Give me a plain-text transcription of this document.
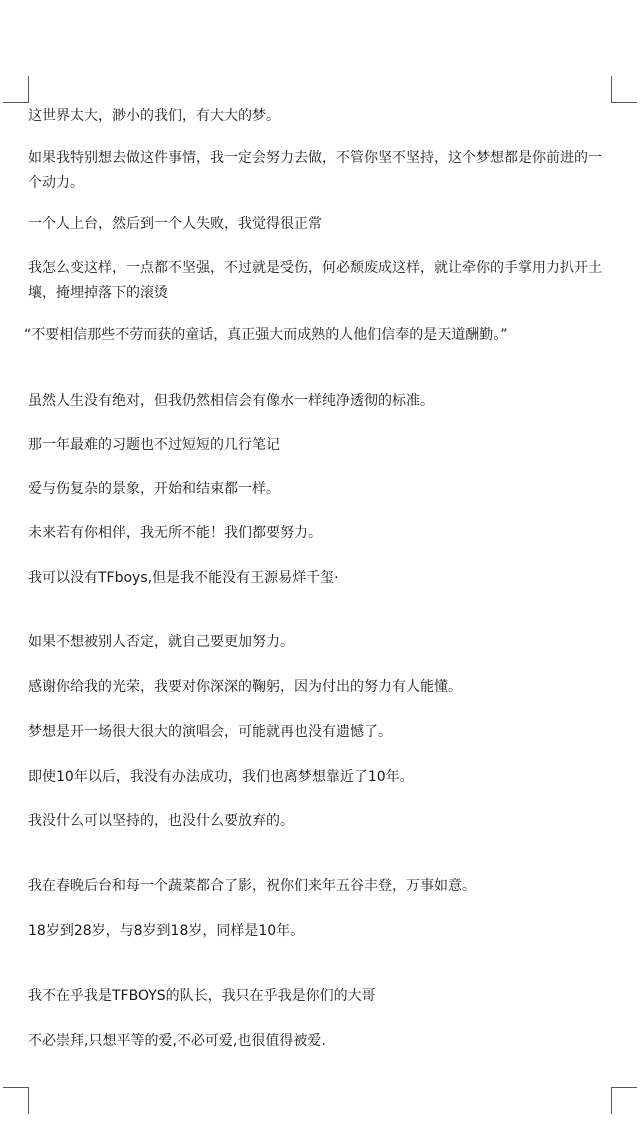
这世界太大，渺小的我们，有大大的梦。

如果我特别想去做这件事情，我一定会努力去做，不管你坚不坚持，这个梦想都是你前进的一个动力。

一个人上台，然后到一个人失败，我觉得很正常

我怎么变这样，一点都不坚强，不过就是受伤，何必颓废成这样，就让牵你的手掌用力扒开土壤，掩埋掉落下的滚烫

“不要相信那些不劳而获的童话，真正强大而成熟的人他们信奉的是天道酬勤。”

虽然人生没有绝对，但我仍然相信会有像水一样纯净透彻的标准。

那一年最难的习题也不过短短的几行笔记

爱与伤复杂的景象，开始和结束都一样。

未来若有你相伴，我无所不能！我们都要努力。

我可以没有TFboys,但是我不能没有王源易烊千玺·

如果不想被别人否定，就自己要更加努力。

感谢你给我的光荣，我要对你深深的鞠躬，因为付出的努力有人能懂。

梦想是开一场很大很大的演唱会，可能就再也没有遗憾了。

即使10年以后，我没有办法成功，我们也离梦想靠近了10年。

我没什么可以坚持的，也没什么要放弃的。

我在春晚后台和每一个蔬菜都合了影，祝你们来年五谷丰登，万事如意。

18岁到28岁，与8岁到18岁，同样是10年。

我不在乎我是TFBOYS的队长，我只在乎我是你们的大哥

不必崇拜,只想平等的爱,不必可爱,也很值得被爱.
